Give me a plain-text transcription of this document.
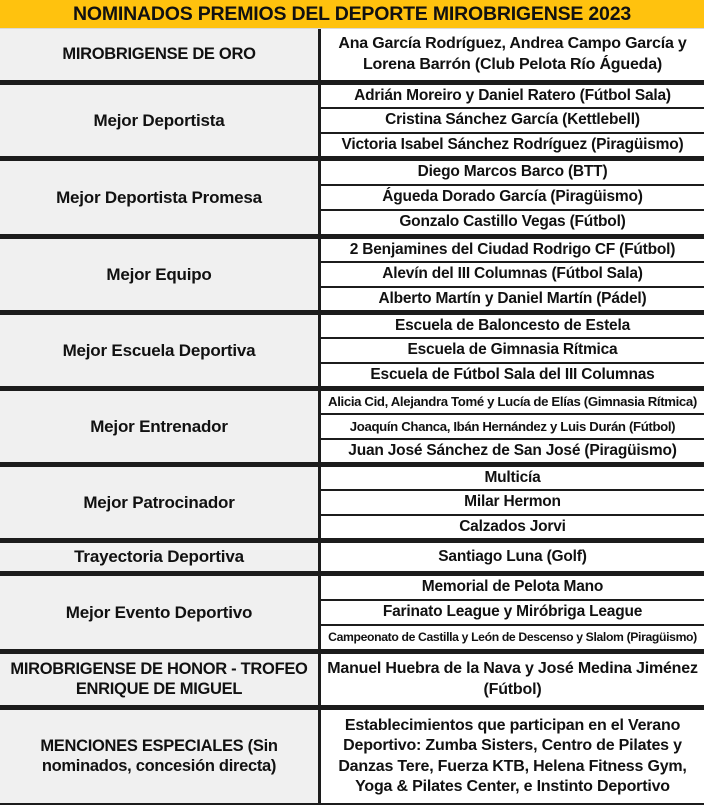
NOMINADOS PREMIOS DEL DEPORTE MIROBRIGENSE 2023
MIROBRIGENSE DE ORO
Ana García Rodríguez, Andrea Campo García y Lorena Barrón (Club Pelota Río Águeda)
Mejor Deportista
Adrián Moreiro y Daniel Ratero (Fútbol Sala)
Cristina Sánchez García (Kettlebell)
Victoria Isabel Sánchez Rodríguez (Piragüismo)
Mejor Deportista Promesa
Diego Marcos Barco (BTT)
Águeda Dorado García (Piragüismo)
Gonzalo Castillo Vegas (Fútbol)
Mejor Equipo
2 Benjamines del Ciudad Rodrigo CF (Fútbol)
Alevín del III Columnas (Fútbol Sala)
Alberto Martín y Daniel Martín (Pádel)
Mejor Escuela Deportiva
Escuela de Baloncesto de Estela
Escuela de Gimnasia Rítmica
Escuela de Fútbol Sala del III Columnas
Mejor Entrenador
Alicia Cid, Alejandra Tomé y Lucía de Elías (Gimnasia Rítmica)
Joaquín Chanca, Ibán Hernández y Luis Durán (Fútbol)
Juan José Sánchez de San José (Piragüismo)
Mejor Patrocinador
Multicía
Milar Hermon
Calzados Jorvi
Trayectoria Deportiva	Santiago Luna (Golf)
Mejor Evento Deportivo
Memorial de Pelota Mano
Farinato League y Miróbriga League
Campeonato de Castilla y León de Descenso y Slalom (Piragüismo)
MIROBRIGENSE DE HONOR - TROFEO ENRIQUE DE MIGUEL
Manuel Huebra de la Nava y José Medina Jiménez (Fútbol)
MENCIONES ESPECIALES (Sin nominados, concesión directa)
Establecimientos que participan en el Verano Deportivo: Zumba Sisters, Centro de Pilates y Danzas Tere, Fuerza KTB, Helena Fitness Gym, Yoga & Pilates Center, e Instinto Deportivo
